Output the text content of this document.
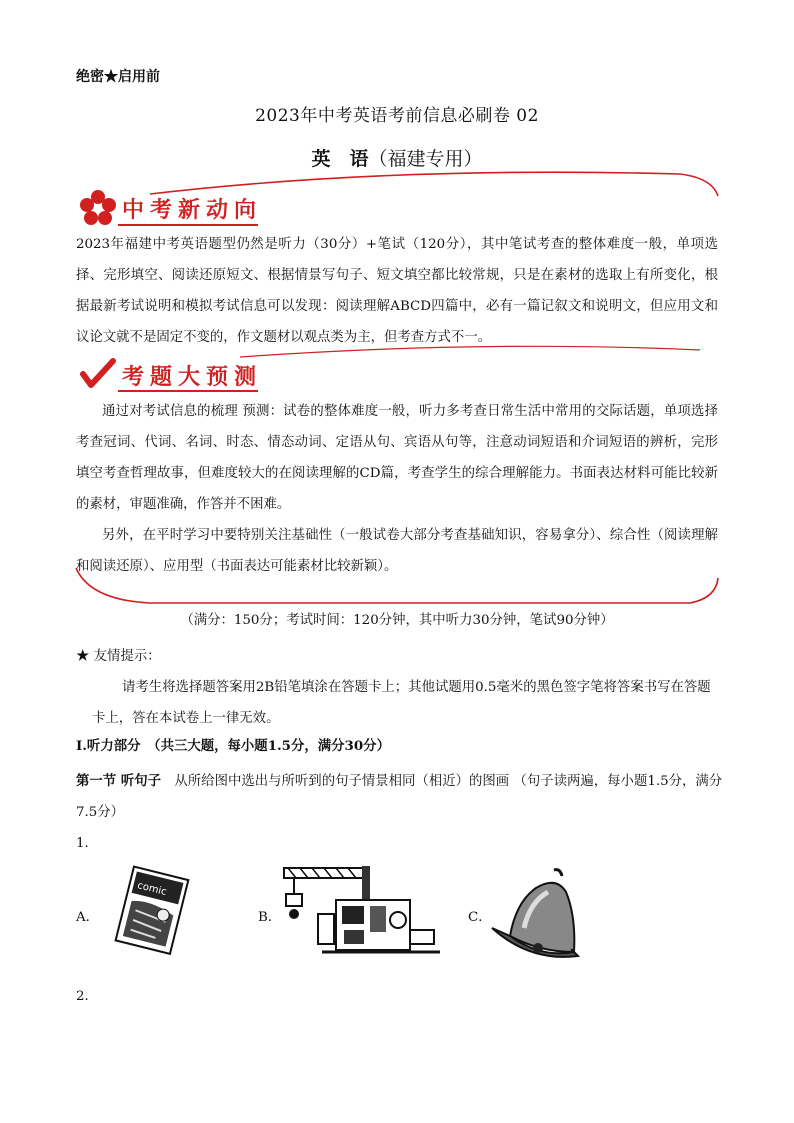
绝密★启用前
2023年中考英语考前信息必刷卷 02
英　语（福建专用）
中考新动向
2023年福建中考英语题型仍然是听力（30分）+笔试（120分），其中笔试考查的整体难度一般，单项选择、完形填空、阅读还原短文、根据情景写句子、短文填空都比较常规，只是在素材的选取上有所变化，根据最新考试说明和模拟考试信息可以发现：阅读理解ABCD四篇中，必有一篇记叙文和说明文，但应用文和议论文就不是固定不变的，作文题材以观点类为主，但考查方式不一。
考题大预测
通过对考试信息的梳理 预测：试卷的整体难度一般，听力多考查日常生活中常用的交际话题，单项选择考查冠词、代词、名词、时态、情态动词、定语从句、宾语从句等，注意动词短语和介词短语的辨析，完形填空考查哲理故事，但难度较大的在阅读理解的CD篇，考查学生的综合理解能力。书面表达材料可能比较新的素材，审题准确，作答并不困难。
另外，在平时学习中要特别关注基础性（一般试卷大部分考查基础知识，容易拿分）、综合性（阅读理解和阅读还原）、应用型（书面表达可能素材比较新颖）。
（满分：150分；考试时间：120分钟，其中听力30分钟，笔试90分钟）
★ 友情提示：
请考生将选择题答案用2B铅笔填涂在答题卡上；其他试题用0.5毫米的黑色签字笔将答案书写在答题卡上，答在本试卷上一律无效。
I.听力部分　（共三大题，每小题1.5分，满分30分）
第一节 听句子　 从所给图中选出与所听到的句子情景相同（相近）的图画 （句子读两遍，每小题1.5分，满分7.5分）
1．
A．
comic
B．	C．
2．
